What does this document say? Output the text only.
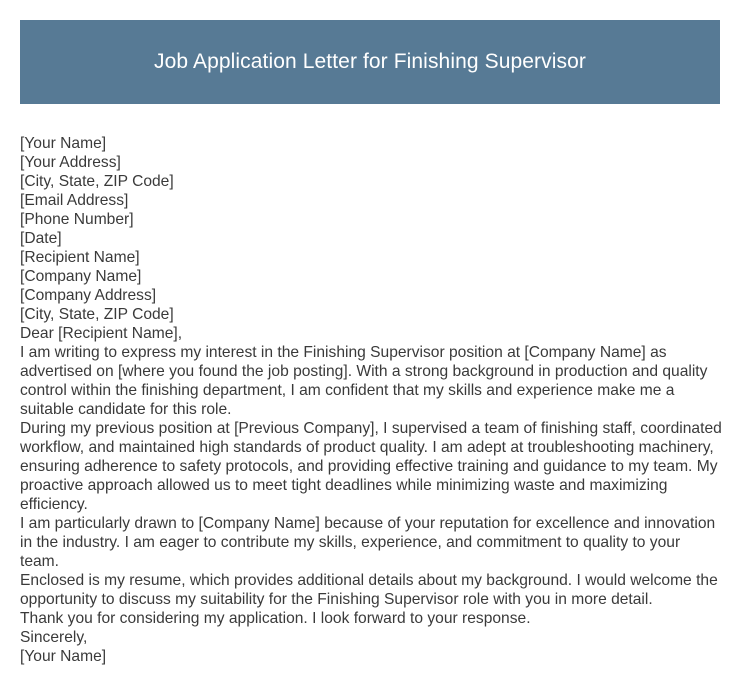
Job Application Letter for Finishing Supervisor

[Your Name]

[Your Address]

[City, State, ZIP Code]

[Email Address]

[Phone Number]

[Date]

[Recipient Name]

[Company Name]

[Company Address]

[City, State, ZIP Code]

Dear [Recipient Name],

I am writing to express my interest in the Finishing Supervisor position at [Company Name] as advertised on [where you found the job posting]. With a strong background in production and quality control within the finishing department, I am confident that my skills and experience make me a suitable candidate for this role.

During my previous position at [Previous Company], I supervised a team of finishing staff, coordinated workflow, and maintained high standards of product quality. I am adept at troubleshooting machinery, ensuring adherence to safety protocols, and providing effective training and guidance to my team. My proactive approach allowed us to meet tight deadlines while minimizing waste and maximizing efficiency.

I am particularly drawn to [Company Name] because of your reputation for excellence and innovation in the industry. I am eager to contribute my skills, experience, and commitment to quality to your team.

Enclosed is my resume, which provides additional details about my background. I would welcome the opportunity to discuss my suitability for the Finishing Supervisor role with you in more detail.

Thank you for considering my application. I look forward to your response.

Sincerely,

[Your Name]
